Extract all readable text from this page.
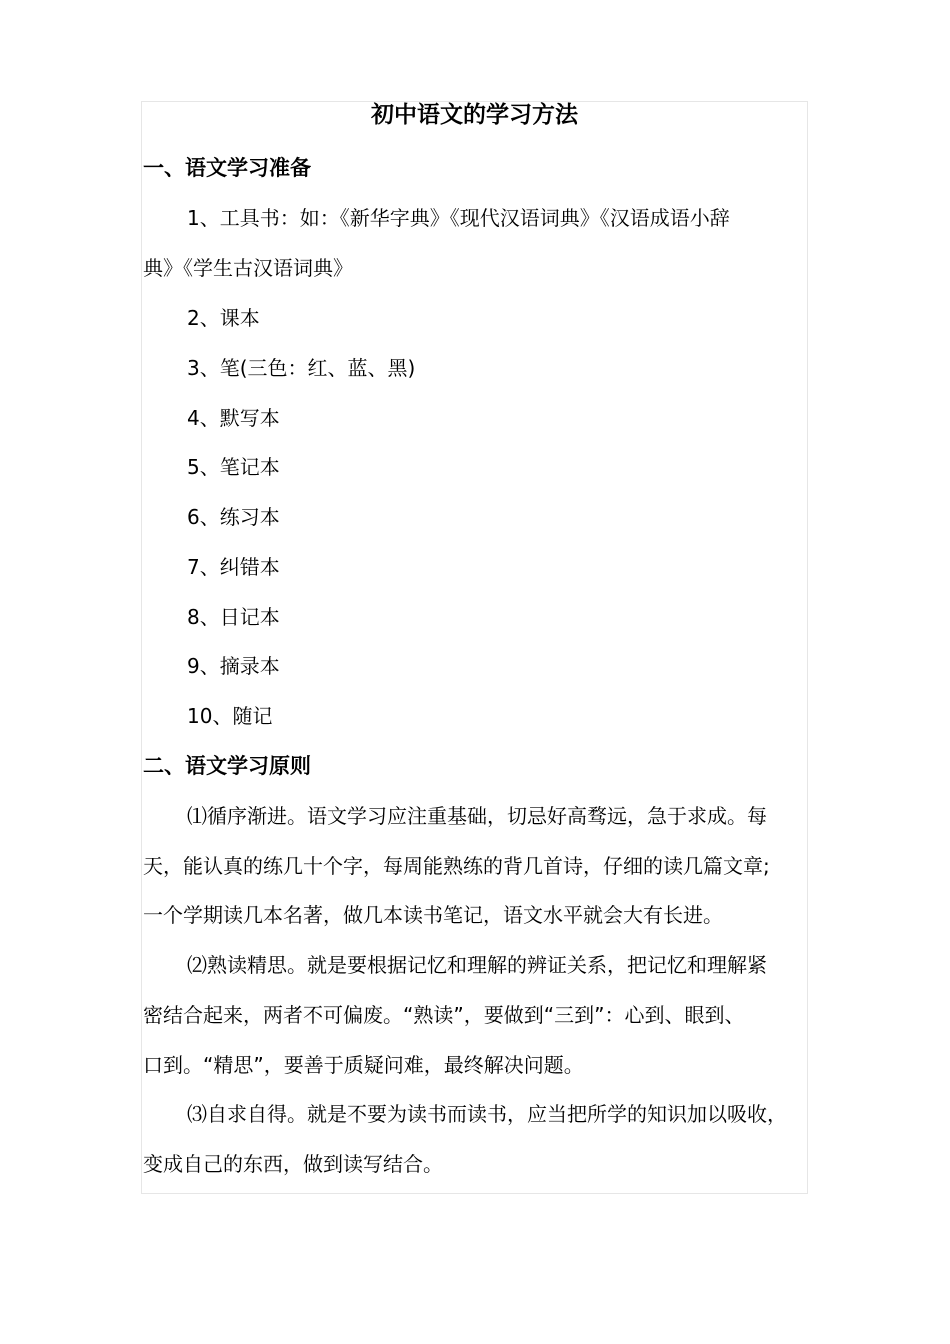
初中语文的学习方法
一、语文学习准备

1、工具书：如：《新华字典》《现代汉语词典》《汉语成语小辞

典》《学生古汉语词典》

2、课本

3、笔(三色：红、蓝、黑)

4、默写本

5、笔记本

6、练习本

7、纠错本

8、日记本

9、摘录本

10、随记

二、语文学习原则

⑴循序渐进。语文学习应注重基础，切忌好高骛远，急于求成。每

天，能认真的练几十个字，每周能熟练的背几首诗，仔细的读几篇文章;

一个学期读几本名著，做几本读书笔记，语文水平就会大有长进。

⑵熟读精思。就是要根据记忆和理解的辨证关系，把记忆和理解紧

密结合起来，两者不可偏废。“熟读”，要做到“三到”：心到、眼到、

口到。“精思”，要善于质疑问难，最终解决问题。

⑶自求自得。就是不要为读书而读书，应当把所学的知识加以吸收，

变成自己的东西，做到读写结合。
